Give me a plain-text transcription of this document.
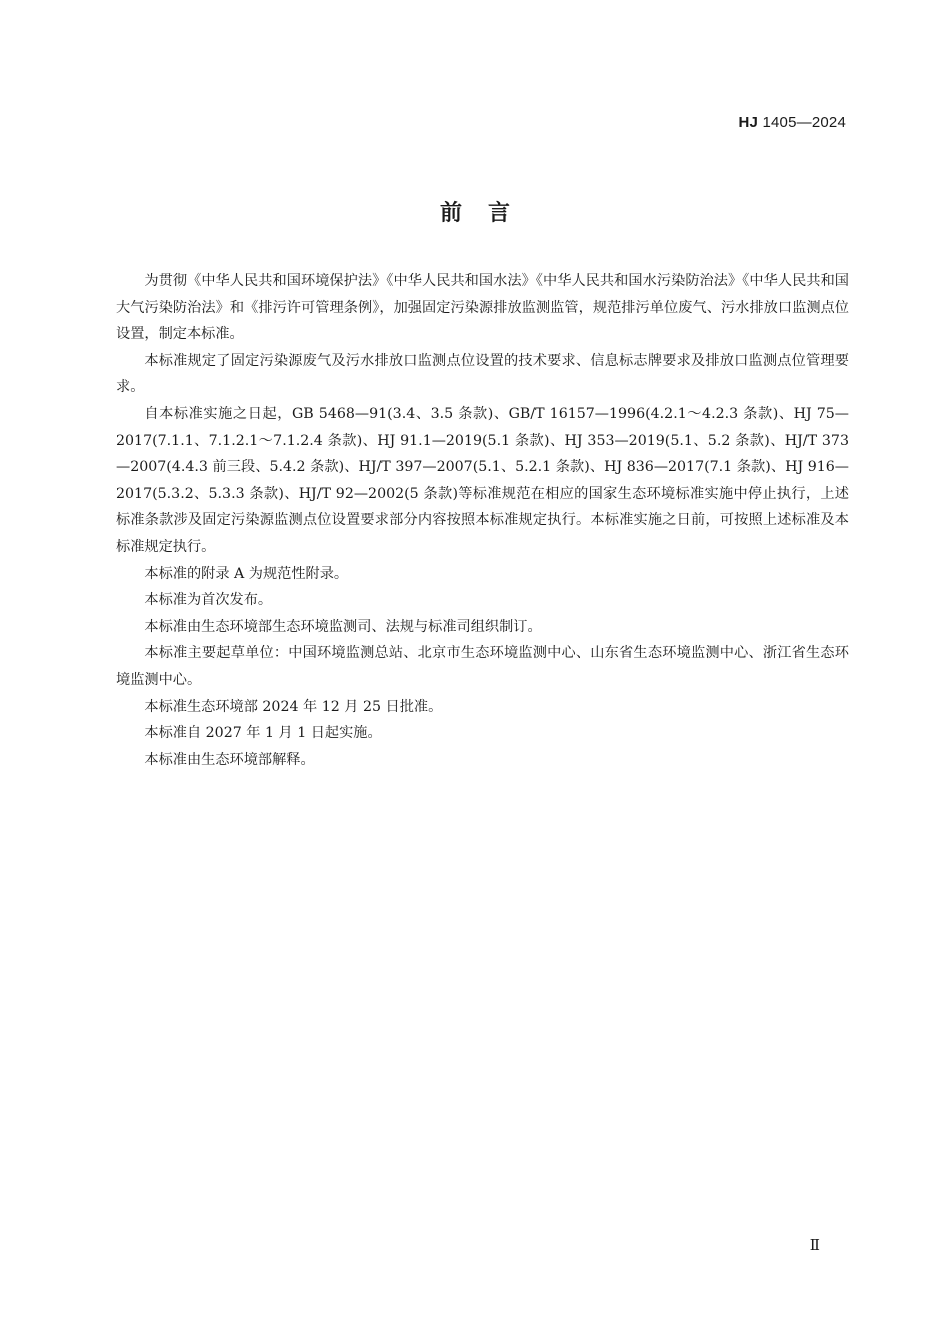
HJ 1405—2024
前言

为贯彻《中华人民共和国环境保护法》《中华人民共和国水法》《中华人民共和国水污染防治法》《中华人民共和国大气污染防治法》和《排污许可管理条例》，加强固定污染源排放监测监管，规范排污单位废气、污水排放口监测点位设置，制定本标准。

本标准规定了固定污染源废气及污水排放口监测点位设置的技术要求、信息标志牌要求及排放口监测点位管理要求。

自本标准实施之日起，GB 5468—91(3.4、3.5 条款)、GB/T 16157—1996(4.2.1～4.2.3 条款)、HJ 75—2017(7.1.1、7.1.2.1～7.1.2.4 条款)、HJ 91.1—2019(5.1 条款)、HJ 353—2019(5.1、5.2 条款)、HJ/T 373—2007(4.4.3 前三段、5.4.2 条款)、HJ/T 397—2007(5.1、5.2.1 条款)、HJ 836—2017(7.1 条款)、HJ 916—2017(5.3.2、5.3.3 条款)、HJ/T 92—2002(5 条款)等标准规范在相应的国家生态环境标准实施中停止执行，上述标准条款涉及固定污染源监测点位设置要求部分内容按照本标准规定执行。本标准实施之日前，可按照上述标准及本标准规定执行。

本标准的附录 A 为规范性附录。

本标准为首次发布。

本标准由生态环境部生态环境监测司、法规与标准司组织制订。

本标准主要起草单位：中国环境监测总站、北京市生态环境监测中心、山东省生态环境监测中心、浙江省生态环境监测中心。

本标准生态环境部 2024 年 12 月 25 日批准。

本标准自 2027 年 1 月 1 日起实施。

本标准由生态环境部解释。

Ⅱ
